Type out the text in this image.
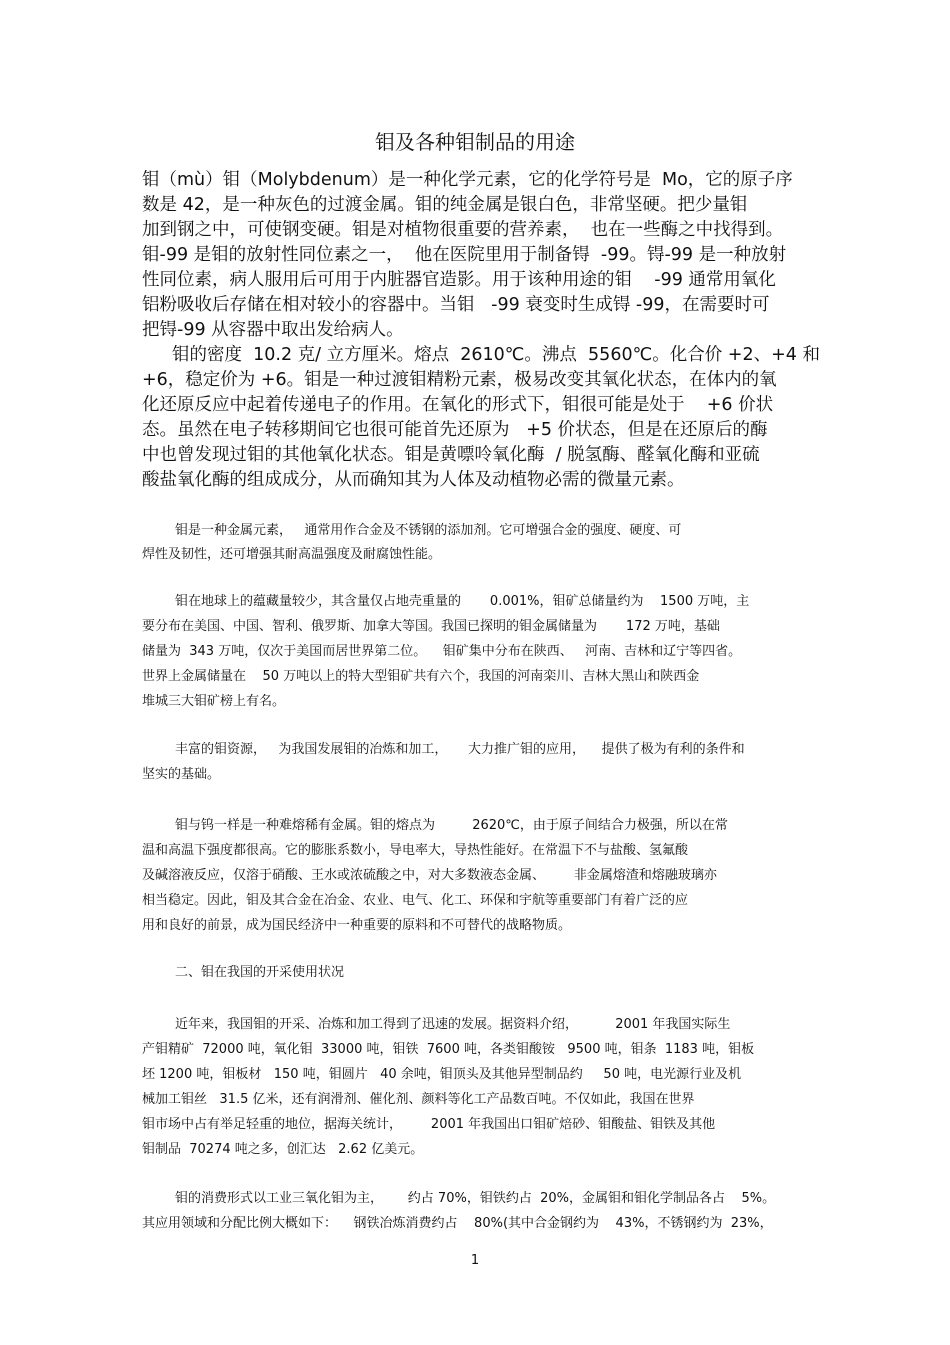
钼及各种钼制品的用途

钼（mù）钼（Molybdenum）是一种化学元素，它的化学符号是  Mo，它的原子序

数是 42，是一种灰色的过渡金属。钼的纯金属是银白色，非常坚硬。把少量钼

加到钢之中，可使钢变硬。钼是对植物很重要的营养素，  也在一些酶之中找得到。

钼-99 是钼的放射性同位素之一，  他在医院里用于制备锝  -99。锝-99 是一种放射

性同位素，病人服用后可用于内脏器官造影。用于该种用途的钼    -99 通常用氧化

铝粉吸收后存储在相对较小的容器中。当钼   -99 衰变时生成锝 -99，在需要时可

把锝-99 从容器中取出发给病人。

钼的密度  10.2 克/ 立方厘米。熔点  2610℃。沸点  5560℃。化合价 +2、+4 和

+6，稳定价为 +6。钼是一种过渡钼精粉元素，极易改变其氧化状态，在体内的氧

化还原反应中起着传递电子的作用。在氧化的形式下，钼很可能是处于    +6 价状

态。虽然在电子转移期间它也很可能首先还原为   +5 价状态，但是在还原后的酶

中也曾发现过钼的其他氧化状态。钼是黄嘌呤氧化酶  / 脱氢酶、醛氧化酶和亚硫

酸盐氧化酶的组成成分，从而确知其为人体及动植物必需的微量元素。

钼是一种金属元素，   通常用作合金及不锈钢的添加剂。它可增强合金的强度、硬度、可

焊性及韧性，还可增强其耐高温强度及耐腐蚀性能。

钼在地球上的蕴藏量较少，其含量仅占地壳重量的       0.001%，钼矿总储量约为    1500 万吨，主

要分布在美国、中国、智利、俄罗斯、加拿大等国。我国已探明的钼金属储量为       172 万吨，基础

储量为  343 万吨，仅次于美国而居世界第二位。    钼矿集中分布在陕西、   河南、吉林和辽宁等四省。

世界上金属储量在    50 万吨以上的特大型钼矿共有六个，我国的河南栾川、吉林大黑山和陕西金

堆城三大钼矿榜上有名。

丰富的钼资源，   为我国发展钼的冶炼和加工，     大力推广钼的应用，    提供了极为有利的条件和

坚实的基础。

钼与钨一样是一种难熔稀有金属。钼的熔点为         2620℃，由于原子间结合力极强，所以在常

温和高温下强度都很高。它的膨胀系数小，导电率大，导热性能好。在常温下不与盐酸、氢氟酸

及碱溶液反应，仅溶于硝酸、王水或浓硫酸之中，对大多数液态金属、       非金属熔渣和熔融玻璃亦

相当稳定。因此，钼及其合金在冶金、农业、电气、化工、环保和宇航等重要部门有着广泛的应

用和良好的前景，成为国民经济中一种重要的原料和不可替代的战略物质。

二、钼在我国的开采使用状况

近年来，我国钼的开采、冶炼和加工得到了迅速的发展。据资料介绍，         2001 年我国实际生

产钼精矿  72000 吨，氧化钼  33000 吨，钼铁  7600 吨，各类钼酸铵   9500 吨，钼条  1183 吨，钼板

坯 1200 吨，钼板材   150 吨，钼圆片   40 余吨，钼顶头及其他异型制品约     50 吨，电光源行业及机

械加工钼丝   31.5 亿米，还有润滑剂、催化剂、颜料等化工产品数百吨。不仅如此，我国在世界

钼市场中占有举足轻重的地位，据海关统计，       2001 年我国出口钼矿焙砂、钼酸盐、钼铁及其他

钼制品  70274 吨之多，创汇达   2.62 亿美元。

钼的消费形式以工业三氧化钼为主，      约占 70%，钼铁约占  20%，金属钼和钼化学制品各占    5%。

其应用领域和分配比例大概如下：    钢铁冶炼消费约占    80%(其中合金钢约为    43%，不锈钢约为  23%，

1
